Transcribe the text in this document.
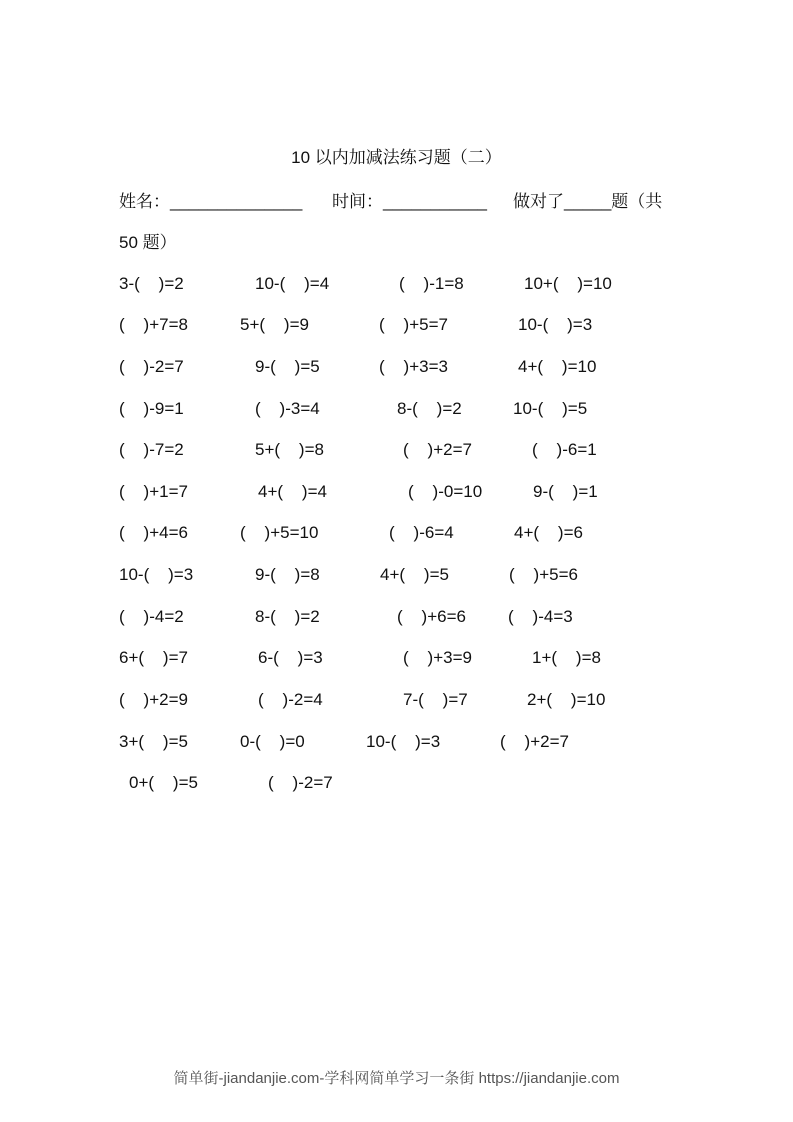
10 以内加减法练习题（二）
姓名：______________ 时间：___________ 做对了_____题（共
50 题）
3-(    )=2	10-(    )=4	(    )-1=8	10+(    )=10
(    )+7=8	5+(    )=9	(    )+5=7	10-(    )=3
(    )-2=7	9-(    )=5	(    )+3=3	4+(    )=10
(    )-9=1	(    )-3=4	8-(    )=2	10-(    )=5
(    )-7=2	5+(    )=8	(    )+2=7	(    )-6=1
(    )+1=7	4+(    )=4	(    )-0=10	9-(    )=1
(    )+4=6	(    )+5=10	(    )-6=4	4+(    )=6
10-(    )=3	9-(    )=8	4+(    )=5	(    )+5=6
(    )-4=2	8-(    )=2	(    )+6=6 (    )-4=3
6+(    )=7	6-(    )=3	(    )+3=9	1+(    )=8
(    )+2=9	(    )-2=4	7-(    )=7	2+(    )=10
3+(    )=5	0-(    )=0	10-(    )=3	(    )+2=7
0+(    )=5	(    )-2=7
简单街-jiandanjie.com-学科网简单学习一条街 https://jiandanjie.com
